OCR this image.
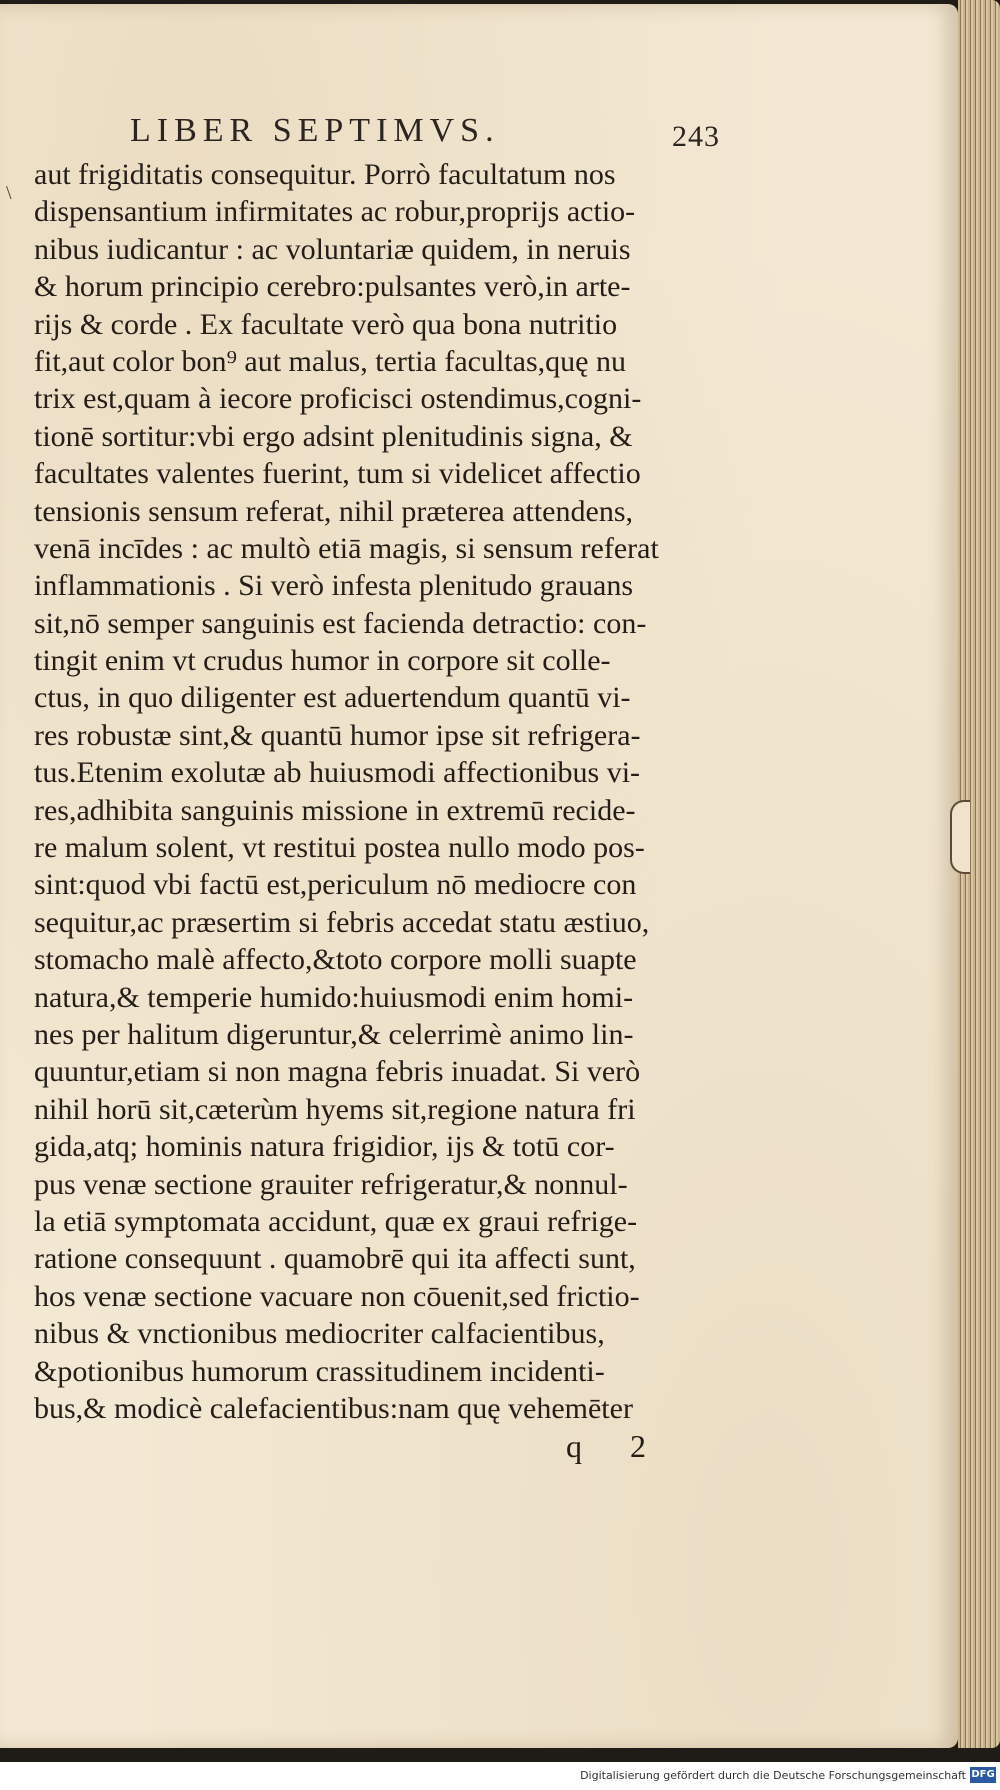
LIBER SEPTIMVS.	243
aut frigiditatis consequitur. Porrò facultatum nos
dispensantium infirmitates ac robur,proprijs actio-
nibus iudicantur : ac voluntariæ quidem, in neruis
& horum principio cerebro:pulsantes verò,in arte-
rijs & corde . Ex facultate verò qua bona nutritio
fit,aut color bon⁹ aut malus, tertia facultas,quę nu
trix est,quam à iecore proficisci ostendimus,cogni-
tionē sortitur:vbi ergo adsint plenitudinis signa, &
facultates valentes fuerint, tum si videlicet affectio
tensionis sensum referat, nihil præterea attendens,
venā incīdes : ac multò etiā magis, si sensum referat
inflammationis . Si verò infesta plenitudo grauans
sit,nō semper sanguinis est facienda detractio: con-
tingit enim vt crudus humor in corpore sit colle-
ctus, in quo diligenter est aduertendum quantū vi-
res robustæ sint,& quantū humor ipse sit refrigera-
tus.Etenim exolutæ ab huiusmodi affectionibus vi-
res,adhibita sanguinis missione in extremū recide-
re malum solent, vt restitui postea nullo modo pos-
sint:quod vbi factū est,periculum nō mediocre con
sequitur,ac præsertim si febris accedat statu æstiuo,
stomacho malè affecto,&toto corpore molli suapte
natura,& temperie humido:huiusmodi enim homi-
nes per halitum digeruntur,& celerrimè animo lin-
quuntur,etiam si non magna febris inuadat. Si verò
nihil horū sit,cæterùm hyems sit,regione natura fri
gida,atq; hominis natura frigidior, ijs & totū cor-
pus venæ sectione grauiter refrigeratur,& nonnul-
la etiā symptomata accidunt, quæ ex graui refrige-
ratione consequunt . quamobrē qui ita affecti sunt,
hos venæ sectione vacuare non cōuenit,sed frictio-
nibus & vnctionibus mediocriter calfacientibus,
&potionibus humorum crassitudinem incidenti-
bus,& modicè calefacientibus:nam quę vehemēter
q 2
\
Digitalisierung gefördert durch die Deutsche Forschungsgemeinschaft DFG
